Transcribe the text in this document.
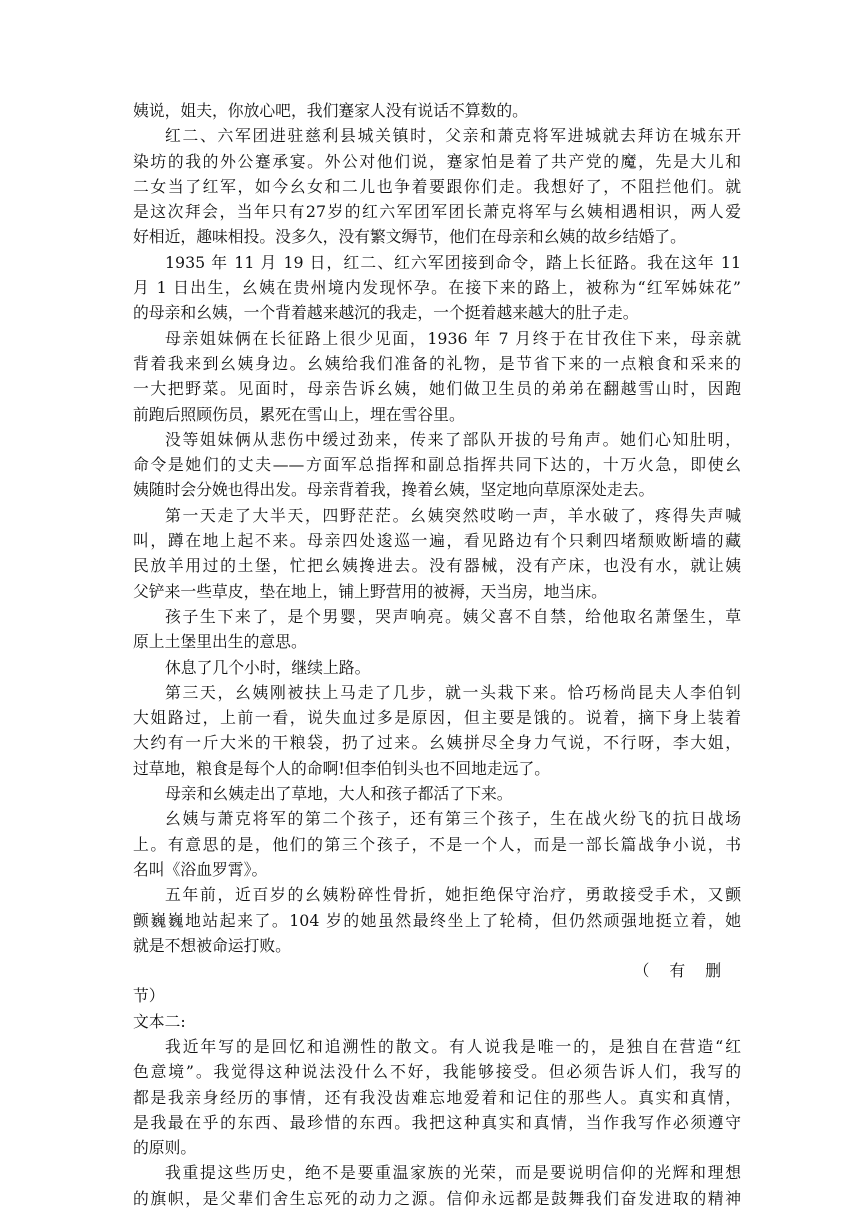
姨说，姐夫，你放心吧，我们蹇家人没有说话不算数的。
红二、六军团进驻慈利县城关镇时，父亲和萧克将军进城就去拜访在城东开
染坊的我的外公蹇承宴。外公对他们说，蹇家怕是着了共产党的魔，先是大儿和
二女当了红军，如今幺女和二儿也争着要跟你们走。我想好了，不阻拦他们。就
是这次拜会，当年只有27岁的红六军团军团长萧克将军与幺姨相遇相识，两人爱
好相近，趣味相投。没多久，没有繁文缛节，他们在母亲和幺姨的故乡结婚了。
1935 年 11 月 19 日，红二、红六军团接到命令，踏上长征路。我在这年 11
月 1 日出生，幺姨在贵州境内发现怀孕。在接下来的路上，被称为“红军姊妹花”
的母亲和幺姨，一个背着越来越沉的我走，一个挺着越来越大的肚子走。
母亲姐妹俩在长征路上很少见面，1936 年 7 月终于在甘孜住下来，母亲就
背着我来到幺姨身边。幺姨给我们准备的礼物，是节省下来的一点粮食和采来的
一大把野菜。见面时，母亲告诉幺姨，她们做卫生员的弟弟在翻越雪山时，因跑
前跑后照顾伤员，累死在雪山上，埋在雪谷里。
没等姐妹俩从悲伤中缓过劲来，传来了部队开拔的号角声。她们心知肚明，
命令是她们的丈夫——方面军总指挥和副总指挥共同下达的，十万火急，即使幺
姨随时会分娩也得出发。母亲背着我，搀着幺姨，坚定地向草原深处走去。
第一天走了大半天，四野茫茫。幺姨突然哎哟一声，羊水破了，疼得失声喊
叫，蹲在地上起不来。母亲四处逡巡一遍，看见路边有个只剩四堵颓败断墙的藏
民放羊用过的土堡，忙把幺姨搀进去。没有器械，没有产床，也没有水，就让姨
父铲来一些草皮，垫在地上，铺上野营用的被褥，天当房，地当床。
孩子生下来了，是个男婴，哭声响亮。姨父喜不自禁，给他取名萧堡生，草
原上土堡里出生的意思。
休息了几个小时，继续上路。
第三天，幺姨刚被扶上马走了几步，就一头栽下来。恰巧杨尚昆夫人李伯钊
大姐路过，上前一看，说失血过多是原因，但主要是饿的。说着，摘下身上装着
大约有一斤大米的干粮袋，扔了过来。幺姨拼尽全身力气说，不行呀，李大姐，
过草地，粮食是每个人的命啊!但李伯钊头也不回地走远了。
母亲和幺姨走出了草地，大人和孩子都活了下来。
幺姨与萧克将军的第二个孩子，还有第三个孩子，生在战火纷飞的抗日战场
上。有意思的是，他们的第三个孩子，不是一个人，而是一部长篇战争小说，书
名叫《浴血罗霄》。
五年前，近百岁的幺姨粉碎性骨折，她拒绝保守治疗，勇敢接受手术，又颤
颤巍巍地站起来了。104 岁的她虽然最终坐上了轮椅，但仍然顽强地挺立着，她
就是不想被命运打败。
（有删
节）
文本二:
我近年写的是回忆和追溯性的散文。有人说我是唯一的，是独自在营造“红
色意境”。我觉得这种说法没什么不好，我能够接受。但必须告诉人们，我写的
都是我亲身经历的事情，还有我没齿难忘地爱着和记住的那些人。真实和真情，
是我最在乎的东西、最珍惜的东西。我把这种真实和真情，当作我写作必须遵守
的原则。
我重提这些历史，绝不是要重温家族的光荣，而是要说明信仰的光辉和理想
的旗帜，是父辈们舍生忘死的动力之源。信仰永远都是鼓舞我们奋发进取的精神
